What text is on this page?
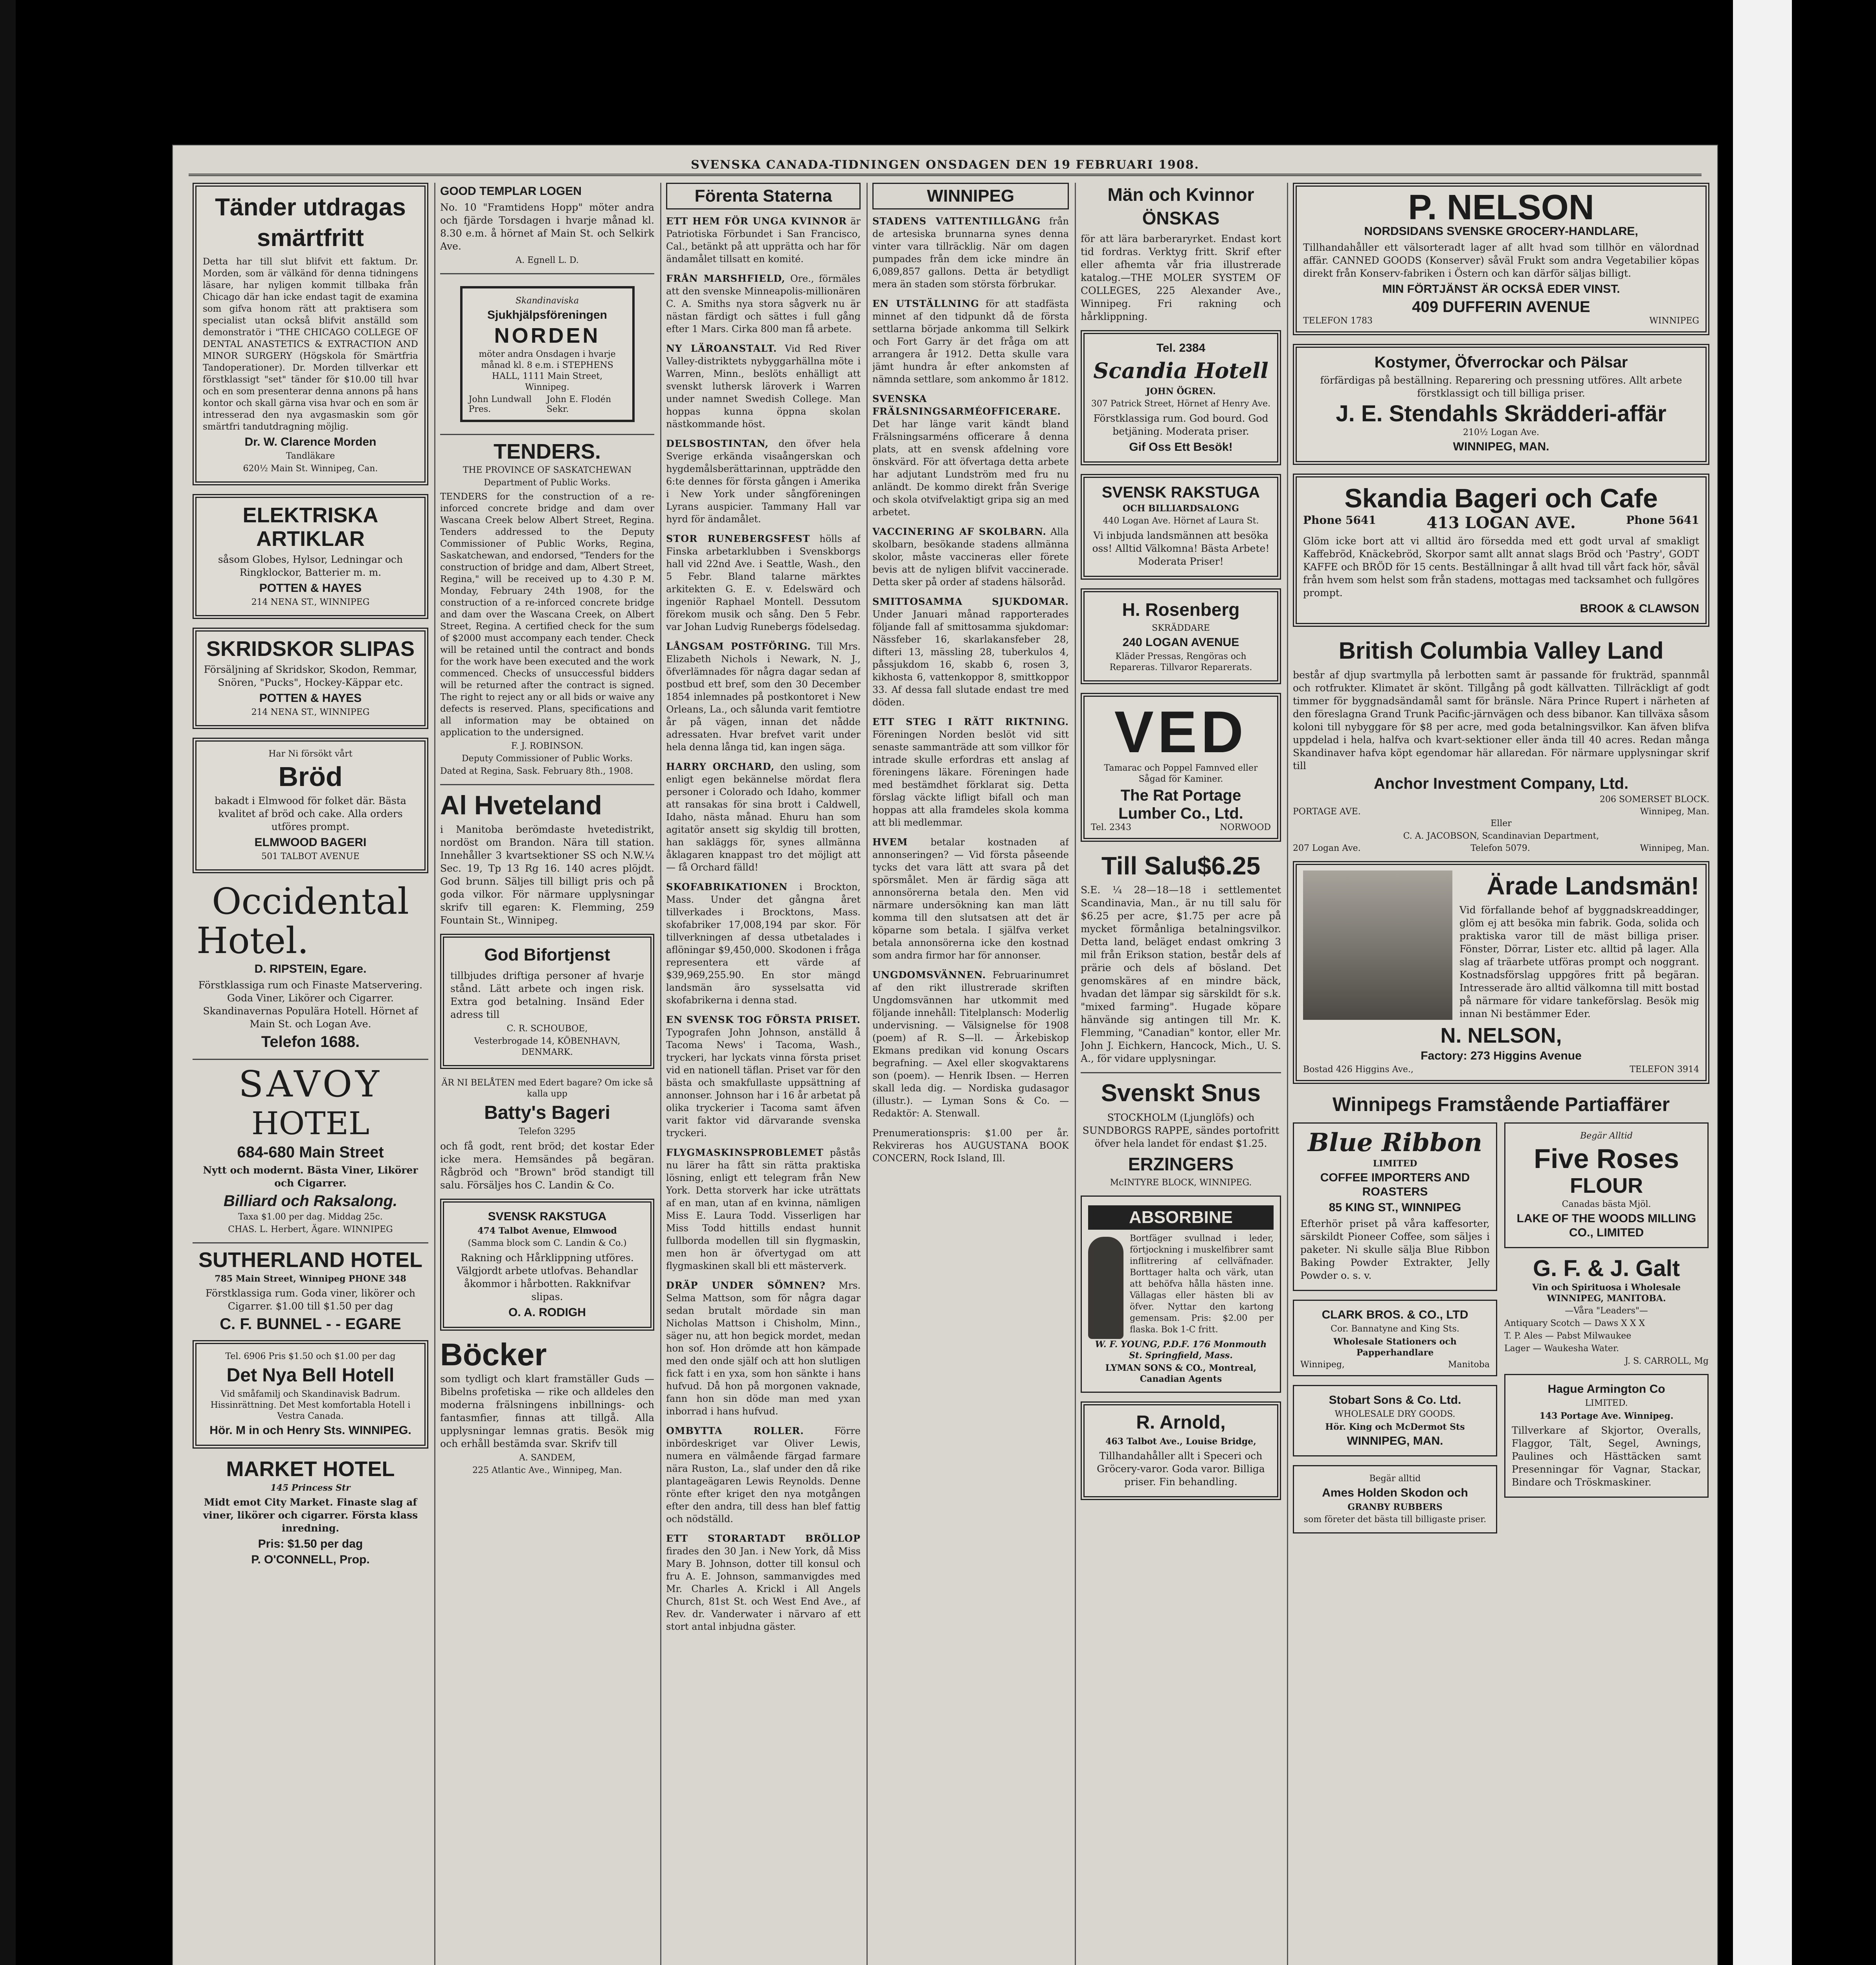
SVENSKA CANADA-TIDNINGEN ONSDAGEN DEN 19 FEBRUARI 1908.

Tänder utdragas smärtfritt

Detta har till slut blifvit ett faktum. Dr. Morden, som är välkänd för denna tidningens läsare, har nyligen kommit tillbaka från Chicago där han icke endast tagit de examina som gifva honom rätt att praktisera som specialist utan också blifvit anställd som demonstratör i "THE CHICAGO COLLEGE OF DENTAL ANASTETICS & EXTRACTION AND MINOR SURGERY (Högskola för Smärtfria Tandoperationer). Dr. Morden tillverkar ett förstklassigt "set" tänder för $10.00 till hvar och en som presenterar denna annons på hans kontor och skall gärna visa hvar och en som är intresserad den nya avgasmaskin som gör smärtfri tandutdragning möjlig.

Dr. W. Clarence Morden

Tandläkare

620½ Main St. Winnipeg, Can.

ELEKTRISKA ARTIKLAR

såsom Globes, Hylsor, Ledningar och Ringklockor, Batterier m. m.

POTTEN & HAYES

214 NENA ST., WINNIPEG

SKRIDSKOR SLIPAS

Försäljning af Skridskor, Skodon, Remmar, Snören, "Pucks", Hockey-Käppar etc.

POTTEN & HAYES

214 NENA ST., WINNIPEG

Har Ni försökt vårt

Bröd

bakadt i Elmwood för folket där. Bästa kvalitet af bröd och cake. Alla orders utföres prompt.

ELMWOOD BAGERI

501 TALBOT AVENUE

Occidental

Hotel.

D. RIPSTEIN, Egare.

Förstklassiga rum och Finaste Matservering. Goda Viner, Likörer och Cigarrer. Skandinavernas Populära Hotell. Hörnet af Main St. och Logan Ave.

Telefon 1688.

SAVOY

HOTEL

684-680 Main Street

Nytt och modernt. Bästa Viner, Likörer och Cigarrer.

Billiard och Raksalong.

Taxa $1.00 per dag. Middag 25c.

CHAS. L. Herbert, Ägare. WINNIPEG

SUTHERLAND HOTEL

785 Main Street, Winnipeg PHONE 348

Förstklassiga rum. Goda viner, likörer och Cigarrer. $1.00 till $1.50 per dag

C. F. BUNNEL - - EGARE

Tel. 6906 Pris $1.50 och $1.00 per dag

Det Nya Bell Hotell

Vid småfamilj och Skandinavisk Badrum. Hissinrättning. Det Mest komfortabla Hotell i Vestra Canada.

Hör. M in och Henry Sts. WINNIPEG.

MARKET HOTEL

145 Princess Str

Midt emot City Market. Finaste slag af viner, likörer och cigarrer. Första klass inredning.

Pris: $1.50 per dag

P. O'CONNELL, Prop.

GOOD TEMPLAR LOGEN

No. 10 "Framtidens Hopp" möter andra och fjärde Torsdagen i hvarje månad kl. 8.30 e.m. å hörnet af Main St. och Selkirk Ave.

A. Egnell L. D.

Skandinaviska

Sjukhjälpsföreningen

NORDEN

möter andra Onsdagen i hvarje månad kl. 8 e.m. i STEPHENS HALL, 1111 Main Street, Winnipeg.

John Lundwall Pres.
John E. Flodén Sekr.

TENDERS.

THE PROVINCE OF SASKATCHEWAN

Department of Public Works.

TENDERS for the construction of a re-inforced concrete bridge and dam over Wascana Creek below Albert Street, Regina. Tenders addressed to the Deputy Commissioner of Public Works, Regina, Saskatchewan, and endorsed, "Tenders for the construction of bridge and dam, Albert Street, Regina," will be received up to 4.30 P. M. Monday, February 24th 1908, for the construction of a re-inforced concrete bridge and dam over the Wascana Creek, on Albert Street, Regina. A certified check for the sum of $2000 must accompany each tender. Check will be retained until the contract and bonds for the work have been executed and the work commenced. Checks of unsuccessful bidders will be returned after the contract is signed. The right to reject any or all bids or waive any defects is reserved. Plans, specifications and all information may be obtained on application to the undersigned.

F. J. ROBINSON.

Deputy Commissioner of Public Works.

Dated at Regina, Sask. February 8th., 1908.

Al Hveteland

i Manitoba berömdaste hvetedistrikt, nordöst om Brandon. Nära till station. Innehåller 3 kvartsektioner SS och N.W.¼ Sec. 19, Tp 13 Rg 16. 140 acres plöjdt. God brunn. Säljes till billigt pris och på goda vilkor. För närmare upplysningar skrifv till egaren: K. Flemming, 259 Fountain St., Winnipeg.

God Bifortjenst

tillbjudes driftiga personer af hvarje stånd. Lätt arbete och ingen risk. Extra god betalning. Insänd Eder adress till

C. R. SCHOUBOE,

Vesterbrogade 14, KÖBENHAVN, DENMARK.

ÄR NI BELÅTEN med Edert bagare? Om icke så kalla upp

Batty's Bageri

Telefon 3295

och få godt, rent bröd; det kostar Eder icke mera. Hemsändes på begäran. Rågbröd och "Brown" bröd standigt till salu. Försäljes hos C. Landin & Co.

SVENSK RAKSTUGA

474 Talbot Avenue, Elmwood

(Samma block som C. Landin & Co.)

Rakning och Hårklippning utföres. Välgjordt arbete utlofvas. Behandlar åkommor i hårbotten. Rakknifvar slipas.

O. A. RODIGH

Böcker

som tydligt och klart framställer Guds — Bibelns profetiska — rike och alldeles den moderna frälsningens inbillnings- och fantasmfier, finnas att tillgå. Alla upplysningar lemnas gratis. Besök mig och erhåll bestämda svar. Skrifv till

A. SANDEM,

225 Atlantic Ave., Winnipeg, Man.

Förenta Staterna

ETT HEM FÖR UNGA KVINNOR är Patriotiska Förbundet i San Francisco, Cal., betänkt på att upprätta och har för ändamålet tillsatt en komité.

FRÅN MARSHFIELD, Ore., förmäles att den svenske Minneapolis-millionären C. A. Smiths nya stora sågverk nu är nästan färdigt och sättes i full gång efter 1 Mars. Cirka 800 man få arbete.

NY LÄROANSTALT. Vid Red River Valley-distriktets nybyggarhällna möte i Warren, Minn., beslöts enhälligt att svenskt luthersk läroverk i Warren under namnet Swedish College. Man hoppas kunna öppna skolan nästkommande höst.

DELSBOSTINTAN, den öfver hela Sverige erkända visaångerskan och hygdemålsberättarinnan, uppträdde den 6:te dennes för första gången i Amerika i New York under sångföreningen Lyrans auspicier. Tammany Hall var hyrd för ändamålet.

STOR RUNEBERGSFEST hölls af Finska arbetarklubben i Svenskborgs hall vid 22nd Ave. i Seattle, Wash., den 5 Febr. Bland talarne märktes arkitekten G. E. v. Edelswärd och ingeniör Raphael Montell. Dessutom förekom musik och sång. Den 5 Febr. var Johan Ludvig Runebergs födelsedag.

LÅNGSAM POSTFÖRING. Till Mrs. Elizabeth Nichols i Newark, N. J., öfverlämnades för några dagar sedan af postbud ett bref, som den 30 December 1854 inlemnades på postkontoret i New Orleans, La., och sålunda varit femtiotre år på vägen, innan det nådde adressaten. Hvar brefvet varit under hela denna långa tid, kan ingen säga.

HARRY ORCHARD, den usling, som enligt egen bekännelse mördat flera personer i Colorado och Idaho, kommer att ransakas för sina brott i Caldwell, Idaho, nästa månad. Ehuru han som agitatör ansett sig skyldig till brotten, han sakläggs för, synes allmänna åklagaren knappast tro det möjligt att — få Orchard fälld!

SKOFABRIKATIONEN i Brockton, Mass. Under det gångna året tillverkades i Brocktons, Mass. skofabriker 17,008,194 par skor. För tillverkningen af dessa utbetalades i aflöningar $9,450,000. Skodonen i fråga representera ett värde af $39,969,255.90. En stor mängd landsmän äro sysselsatta vid skofabrikerna i denna stad.

EN SVENSK TOG FÖRSTA PRISET. Typografen John Johnson, anställd å Tacoma News' i Tacoma, Wash., tryckeri, har lyckats vinna första priset vid en nationell täflan. Priset var för den bästa och smakfullaste uppsättning af annonser. Johnson har i 16 år arbetat på olika tryckerier i Tacoma samt äfven varit faktor vid därvarande svenska tryckeri.

FLYGMASKINSPROBLEMET påstås nu lärer ha fått sin rätta praktiska lösning, enligt ett telegram från New York. Detta storverk har icke uträttats af en man, utan af en kvinna, nämligen Miss E. Laura Todd. Visserligen har Miss Todd hittills endast hunnit fullborda modellen till sin flygmaskin, men hon är öfvertygad om att flygmaskinen skall bli ett mästerverk.

DRÄP UNDER SÖMNEN? Mrs. Selma Mattson, som för några dagar sedan brutalt mördade sin man Nicholas Mattson i Chisholm, Minn., säger nu, att hon begick mordet, medan hon sof. Hon drömde att hon kämpade med den onde själf och att hon slutligen fick fatt i en yxa, som hon sänkte i hans hufvud. Då hon på morgonen vaknade, fann hon sin döde man med yxan inborrad i hans hufvud.

OMBYTTA ROLLER.	Förre inbördeskriget var Oliver Lewis, numera en välmående färgad farmare nära Ruston, La., slaf under den då rike plantageägaren Lewis Reynolds. Denne rönte efter kriget den nya motgången efter den andra, till dess han blef fattig och nödställd.

ETT STORARTADT BRÖLLOP firades den 30 Jan. i New York, då Miss Mary B. Johnson, dotter till konsul och fru A. E. Johnson, sammanvigdes med Mr. Charles A. Krickl i All Angels Church, 81st St. och West End Ave., af Rev. dr. Vanderwater i närvaro af ett stort antal inbjudna gäster.

WINNIPEG

STADENS VATTENTILLGÅNG från de artesiska brunnarna synes denna vinter vara tillräcklig. När om dagen pumpades från dem icke mindre än 6,089,857 gallons. Detta är betydligt mera än staden som största förbrukar.

EN UTSTÄLLNING för att stadfästa minnet af den tidpunkt då de första settlarna började ankomma till Selkirk och Fort Garry är det fråga om att arrangera år 1912. Detta skulle vara jämt hundra år efter ankomsten af nämnda settlare, som ankommo år 1812.

SVENSKA FRÄLSNINGSARMÉOFFICERARE. Det har länge varit kändt bland Frälsningsarméns officerare å denna plats, att en svensk afdelning vore önskvärd. För att öfvertaga detta arbete har adjutant Lundström med fru nu anländt. De kommo direkt från Sverige och skola otvifvelaktigt gripa sig an med arbetet.

VACCINERING AF SKOLBARN. Alla skolbarn, besökande stadens allmänna skolor, måste vaccineras eller förete bevis att de nyligen blifvit vaccinerade. Detta sker på order af stadens hälsoråd.

SMITTOSAMMA SJUKDOMAR. Under Januari månad rapporterades följande fall af smittosamma sjukdomar: Nässfeber 16, skarlakansfeber 28, difteri 13, mässling 28, tuberkulos 4, påssjukdom 16, skabb 6, rosen 3, kikhosta 6, vattenkoppor 8, smittkoppor 33. Af dessa fall slutade endast tre med döden.

ETT STEG I RÄTT RIKTNING. Föreningen Norden beslöt vid sitt senaste sammanträde att som villkor för intrade skulle erfordras ett anslag af föreningens läkare. Föreningen hade med bestämdhet förklarat sig. Detta förslag väckte lifligt bifall och man hoppas att alla framdeles skola komma att bli medlemmar.

HVEM betalar kostnaden af annonseringen? — Vid första påseende tycks det vara lätt att svara på det spörsmålet. Men är färdig säga att annonsörerna betala den. Men vid närmare undersökning kan man lätt komma till den slutsatsen att det är köparne som betala. I själfva verket betala annonsörerna icke den kostnad som andra firmor har för annonser.

UNGDOMSVÄNNEN. Februarinumret af den rikt illustrerade skriften Ungdomsvännen har utkommit med följande innehåll: Titelplansch: Moderlig undervisning. — Välsignelse för 1908 (poem) af R. S—ll. — Ärkebiskop Ekmans predikan vid konung Oscars begrafning. — Axel eller skogvaktarens son (poem). — Henrik Ibsen. — Herren skall leda dig. — Nordiska gudasagor (illustr.). — Lyman Sons & Co. — Redaktör: A. Stenwall.

Prenumerationspris: $1.00 per år. Rekvireras hos AUGUSTANA BOOK CONCERN, Rock Island, Ill.

Män och Kvinnor ÖNSKAS

för att lära barberaryrket. Endast kort tid fordras. Verktyg fritt. Skrif efter eller afhemta vår fria illustrerade katalog.—THE MOLER SYSTEM OF COLLEGES, 225 Alexander Ave., Winnipeg. Fri rakning och hårklippning.

Tel. 2384

Scandia Hotell

JOHN ÖGREN.

307 Patrick Street, Hörnet af Henry Ave.

Förstklassiga rum. God bourd. God betjäning. Moderata priser.

Gif Oss Ett Besök!

SVENSK RAKSTUGA

OCH BILLIARDSALONG

440 Logan Ave. Hörnet af Laura St.

Vi inbjuda landsmännen att besöka oss! Alltid Välkomna! Bästa Arbete! Moderata Priser!

H. Rosenberg

SKRÄDDARE

240 LOGAN AVENUE

Kläder Pressas, Rengöras och Repareras. Tillvaror Reparerats.

VED

Tamarac och Poppel Famnved eller Sågad för Kaminer.

The Rat Portage Lumber Co., Ltd.

Tel. 2343	NORWOOD

Till Salu$6.25

S.E. ¼ 28—18—18 i settlementet Scandinavia, Man., är nu till salu för $6.25 per acre, $1.75 per acre på mycket förmånliga betalningsvilkor. Detta land, beläget endast omkring 3 mil från Erikson station, består dels af prärie och dels af bösland. Det genomskäres af en mindre bäck, hvadan det lämpar sig särskildt för s.k. "mixed farming". Hugade köpare hänvände sig antingen till Mr. K. Flemming, "Canadian" kontor, eller Mr. John J. Eichkern, Hancock, Mich., U. S. A., för vidare upplysningar.

Svenskt Snus

STOCKHOLM (Ljunglöfs) och SUNDBORGS RAPPE, sändes portofritt öfver hela landet för endast $1.25.

ERZINGERS

McINTYRE BLOCK, WINNIPEG.

ABSORBINE

Bortfäger svullnad i leder, förtjockning i muskelfibrer samt inflitrering af cellväfnader. Borttager halta och värk, utan att behöfva hålla hästen inne. Vällagas eller hästen bli av öfver. Nyttar den kartong gemensam. Pris: $2.00 per flaska. Bok 1-C fritt.

W. F. YOUNG, P.D.F. 176 Monmouth St. Springfield, Mass.

LYMAN SONS & CO., Montreal, Canadian Agents

R. Arnold,

463 Talbot Ave., Louise Bridge,

Tillhandahåller allt i Speceri och Gröcery-varor. Goda varor. Billiga priser. Fin behandling.

P. NELSON

NORDSIDANS SVENSKE GROCERY-HANDLARE,

Tillhandahåller ett välsorteradt lager af allt hvad som tillhör en välordnad affär. CANNED GOODS (Konserver) såväl Frukt som andra Vegetabilier köpas direkt från Konserv-fabriken i Östern och kan därför säljas billigt.

MIN FÖRTJÄNST ÄR OCKSÅ EDER VINST.

409 DUFFERIN AVENUE

TELEFON 1783	WINNIPEG

Kostymer, Öfverrockar och Pälsar

förfärdigas på beställning. Reparering och pressning utföres. Allt arbete förstklassigt och till billiga priser.

J. E. Stendahls Skrädderi-affär

210½ Logan Ave.

WINNIPEG, MAN.

Skandia Bageri och Cafe

Phone 5641	413 LOGAN AVE.	Phone 5641

Glöm icke bort att vi alltid äro försedda med ett godt urval af smakligt Kaffebröd, Knäckebröd, Skorpor samt allt annat slags Bröd och 'Pastry', GODT KAFFE och BRÖD för 15 cents. Beställningar å allt hvad till vårt fack hör, såväl från hvem som helst som från stadens, mottagas med tacksamhet och fullgöres prompt.

BROOK & CLAWSON

British Columbia Valley Land

består af djup svartmylla på lerbotten samt är passande för frukträd, spannmål och rotfrukter. Klimatet är skönt. Tillgång på godt källvatten. Tillräckligt af godt timmer för byggnadsändamål samt för bränsle. Nära Prince Rupert i närheten af den föreslagna Grand Trunk Pacific-järnvägen och dess bibanor. Kan tillväxa såsom koloni till nybyggare för $8 per acre, med goda betalningsvilkor. Kan äfven blifva uppdelad i hela, halfva och kvart-sektioner eller ända till 40 acres. Redan många Skandinaver hafva köpt egendomar här allaredan. För närmare upplysningar skrif till

Anchor Investment Company, Ltd.

206 SOMERSET BLOCK.

PORTAGE AVE.	Winnipeg, Man.

Eller

C. A. JACOBSON, Scandinavian Department,

207 Logan Ave.	Telefon 5079.	Winnipeg, Man.

Ärade Landsmän!

Vid förfallande behof af byggnadskreaddinger, glöm ej att besöka min fabrik. Goda, solida och praktiska varor till de mäst billiga priser. Fönster, Dörrar, Lister etc. alltid på lager. Alla slag af träarbete utföras prompt och noggrant. Kostnadsförslag uppgöres fritt på begäran. Intresserade äro alltid välkomna till mitt bostad på närmare för vidare tankeförslag. Besök mig innan Ni bestämmer Eder.

N. NELSON,

Factory: 273 Higgins Avenue

Bostad 426 Higgins Ave.,	TELEFON 3914

Winnipegs Framstående Partiaffärer

Blue Ribbon

LIMITED

COFFEE IMPORTERS AND ROASTERS

85 KING ST., WINNIPEG

Efterhör priset på våra kaffesorter, särskildt Pioneer Coffee, som säljes i paketer. Ni skulle sälja Blue Ribbon Baking Powder Extrakter, Jelly Powder o. s. v.

CLARK BROS. & CO., LTD

Cor. Bannatyne and King Sts.

Wholesale Stationers och Papperhandlare

Winnipeg,	Manitoba

Stobart Sons & Co. Ltd.

WHOLESALE DRY GOODS.

Hör. King och McDermot Sts

WINNIPEG, MAN.

Begär alltid

Ames Holden Skodon och

GRANBY RUBBERS

som företer det bästa till billigaste priser.

Begär Alltid

Five Roses

FLOUR

Canadas bästa Mjöl.

LAKE OF THE WOODS MILLING CO., LIMITED

G. F. & J. Galt

Vin och Spirituosa i Wholesale WINNIPEG, MANITOBA.

—Våra "Leaders"—

Antiquary Scotch — Daws X X X

T. P. Ales — Pabst Milwaukee

Lager — Waukesha Water.

J. S. CARROLL, Mg

Hague Armington Co

LIMITED.

143 Portage Ave. Winnipeg.

Tillverkare af Skjortor, Overalls, Flaggor, Tält, Segel, Awnings, Paulines och Hästtäcken samt Presenningar för Vagnar, Stackar, Bindare och Tröskmaskiner.
